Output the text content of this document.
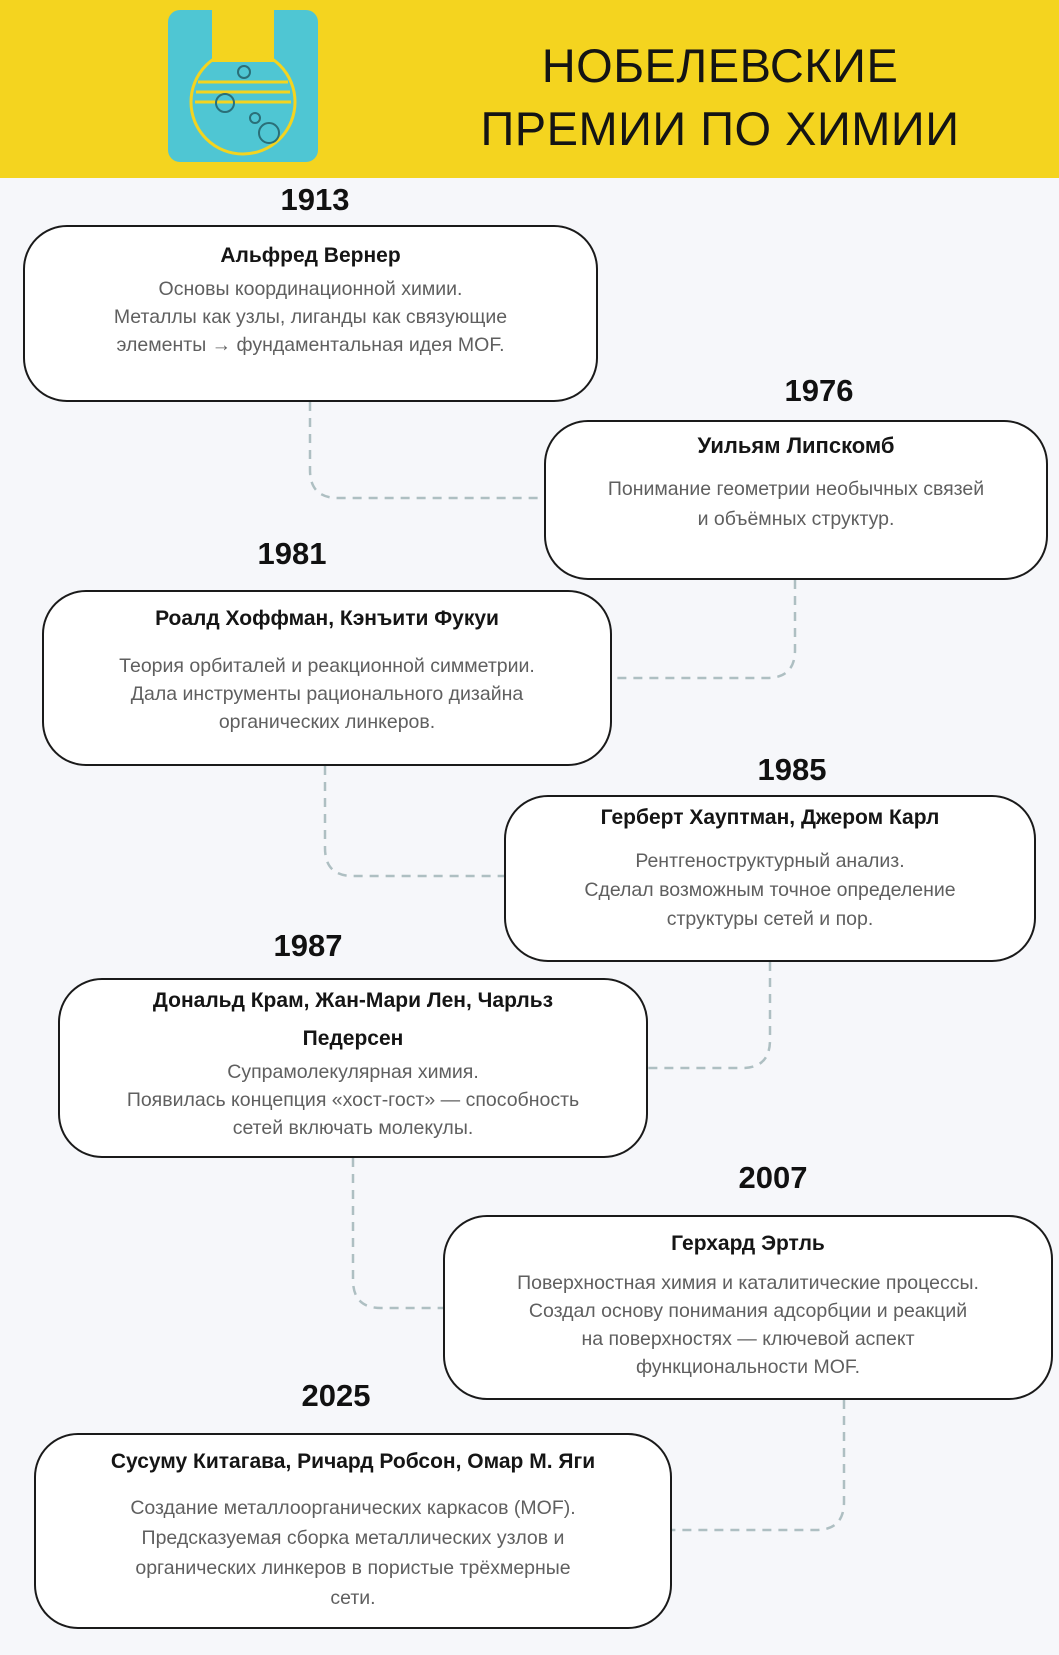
НОБЕЛЕВСКИЕ
ПРЕМИИ ПО ХИМИИ
1913
Альфред Вернер
Основы координационной химии.
Металлы как узлы, лиганды как связующие
элементы → фундаментальная идея MOF.
1976
Уильям Липскомб
Понимание геометрии необычных связей
и объёмных структур.
1981
Роалд Хоффман, Кэнъити Фукуи
Теория орбиталей и реакционной симметрии.
Дала инструменты рационального дизайна
органических линкеров.
1985
Герберт Хауптман, Джером Карл
Рентгеноструктурный анализ.
Сделал возможным точное определение
структуры сетей и пор.
1987
Дональд Крам, Жан-Мари Лен, Чарльз Педерсен
Супрамолекулярная химия.
Появилась концепция «хост-гост» — способность
сетей включать молекулы.
2007
Герхард Эртль
Поверхностная химия и каталитические процессы.
Создал основу понимания адсорбции и реакций
на поверхностях — ключевой аспект
функциональности MOF.
2025
Сусуму Китагава, Ричард Робсон, Омар М. Яги
Создание металлоорганических каркасов (MOF).
Предсказуемая сборка металлических узлов и
органических линкеров в пористые трёхмерные
сети.
